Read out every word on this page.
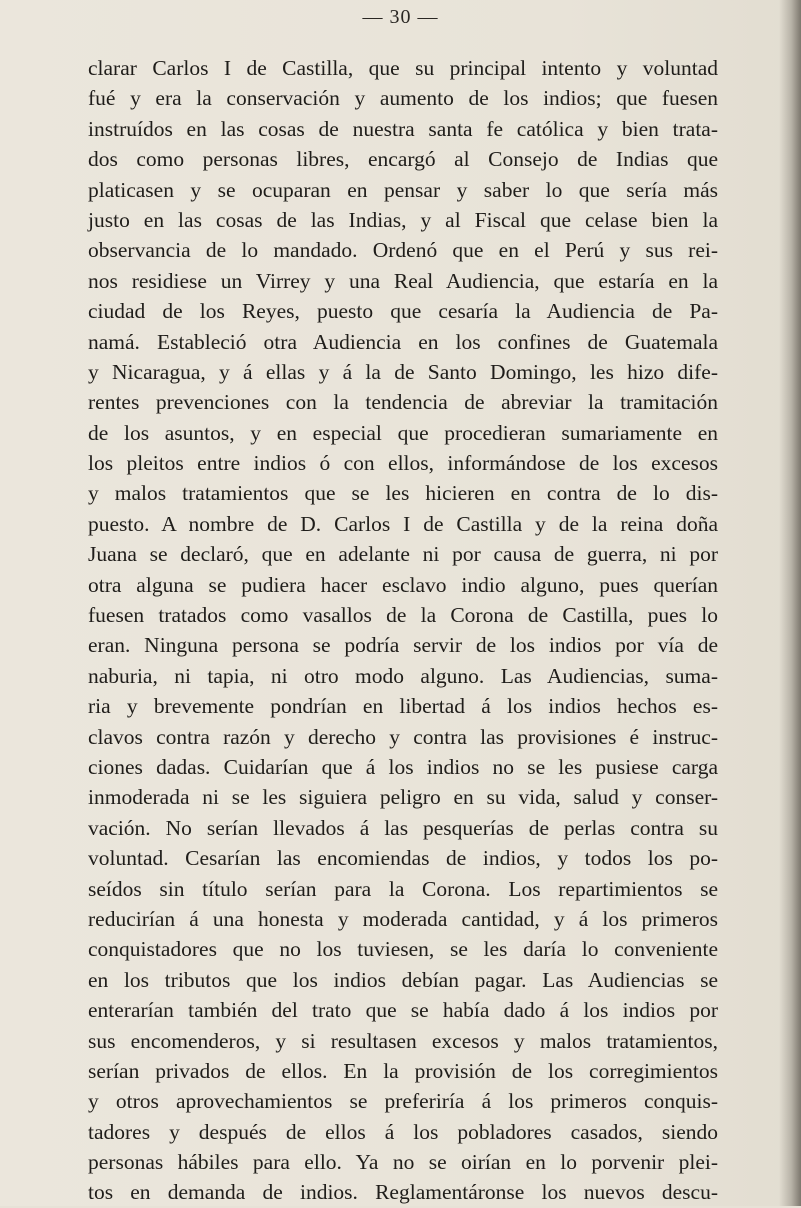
— 30 —
clarar Carlos I de Castilla, que su principal intento y voluntad
fué y era la conservación y aumento de los indios; que fuesen
instruídos en las cosas de nuestra santa fe católica y bien trata-
dos como personas libres, encargó al Consejo de Indias que
platicasen y se ocuparan en pensar y saber lo que sería más
justo en las cosas de las Indias, y al Fiscal que celase bien la
observancia de lo mandado. Ordenó que en el Perú y sus rei-
nos residiese un Virrey y una Real Audiencia, que estaría en la
ciudad de los Reyes, puesto que cesaría la Audiencia de Pa-
namá. Estableció otra Audiencia en los confines de Guatemala
y Nicaragua, y á ellas y á la de Santo Domingo, les hizo dife-
rentes prevenciones con la tendencia de abreviar la tramitación
de los asuntos, y en especial que procedieran sumariamente en
los pleitos entre indios ó con ellos, informándose de los excesos
y malos tratamientos que se les hicieren en contra de lo dis-
puesto. A nombre de D. Carlos I de Castilla y de la reina doña
Juana se declaró, que en adelante ni por causa de guerra, ni por
otra alguna se pudiera hacer esclavo indio alguno, pues querían
fuesen tratados como vasallos de la Corona de Castilla, pues lo
eran. Ninguna persona se podría servir de los indios por vía de
naburia, ni tapia, ni otro modo alguno. Las Audiencias, suma-
ria y brevemente pondrían en libertad á los indios hechos es-
clavos contra razón y derecho y contra las provisiones é instruc-
ciones dadas. Cuidarían que á los indios no se les pusiese carga
inmoderada ni se les siguiera peligro en su vida, salud y conser-
vación. No serían llevados á las pesquerías de perlas contra su
voluntad. Cesarían las encomiendas de indios, y todos los po-
seídos sin título serían para la Corona. Los repartimientos se
reducirían á una honesta y moderada cantidad, y á los primeros
conquistadores que no los tuviesen, se les daría lo conveniente
en los tributos que los indios debían pagar. Las Audiencias se
enterarían también del trato que se había dado á los indios por
sus encomenderos, y si resultasen excesos y malos tratamientos,
serían privados de ellos. En la provisión de los corregimientos
y otros aprovechamientos se preferiría á los primeros conquis-
tadores y después de ellos á los pobladores casados, siendo
personas hábiles para ello. Ya no se oirían en lo porvenir plei-
tos en demanda de indios. Reglamentáronse los nuevos descu-
